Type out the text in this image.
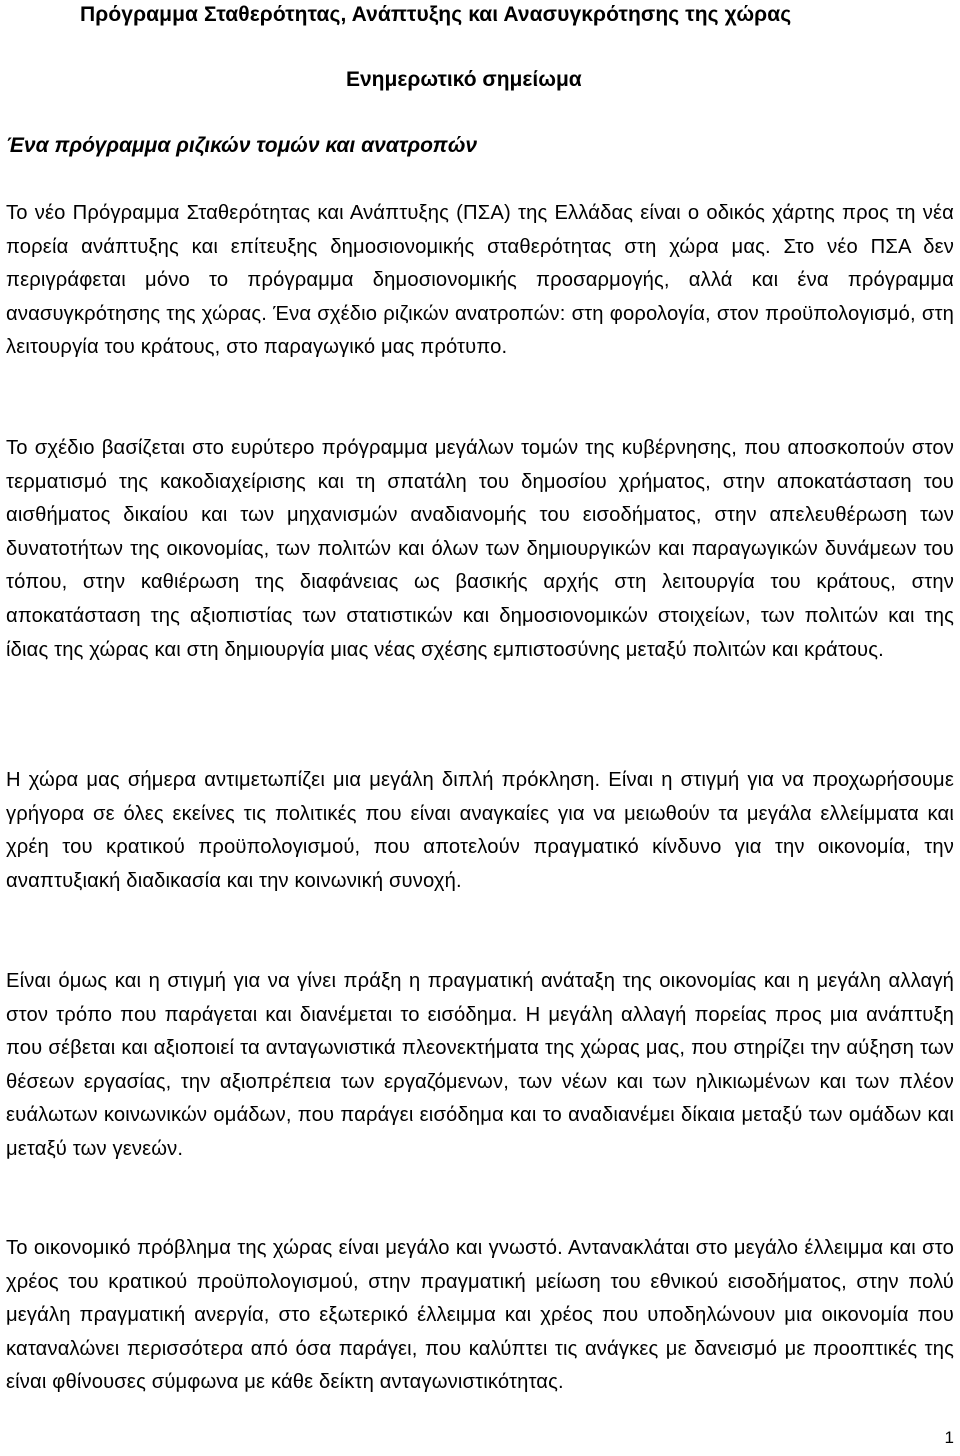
Πρόγραμμα Σταθερότητας, Ανάπτυξης και Ανασυγκρότησης της χώρας
Ενημερωτικό σημείωμα
Ένα πρόγραμμα ριζικών τομών και ανατροπών

Το νέο Πρόγραμμα Σταθερότητας και Ανάπτυξης (ΠΣΑ) της Ελλάδας είναι ο οδικός χάρτης προς τη νέα πορεία ανάπτυξης και επίτευξης δημοσιονομικής σταθερότητας στη χώρα μας. Στο νέο ΠΣΑ δεν περιγράφεται μόνο το πρόγραμμα δημοσιονομικής προσαρμογής, αλλά και ένα πρόγραμμα ανασυγκρότησης της χώρας. Ένα σχέδιο ριζικών ανατροπών: στη φορολογία, στον προϋπολογισμό, στη λειτουργία του κράτους, στο παραγωγικό μας πρότυπο.

Το σχέδιο βασίζεται στο ευρύτερο πρόγραμμα μεγάλων τομών της κυβέρνησης, που αποσκοπούν στον τερματισμό της κακοδιαχείρισης και τη σπατάλη του δημοσίου χρήματος, στην αποκατάσταση του αισθήματος δικαίου και των μηχανισμών αναδιανομής του εισοδήματος, στην απελευθέρωση των δυνατοτήτων της οικονομίας, των πολιτών και όλων των δημιουργικών και παραγωγικών δυνάμεων του τόπου, στην καθιέρωση της διαφάνειας ως βασικής αρχής στη λειτουργία του κράτους, στην αποκατάσταση της αξιοπιστίας των στατιστικών και δημοσιονομικών στοιχείων, των πολιτών και της ίδιας της χώρας και στη δημιουργία μιας νέας σχέσης εμπιστοσύνης μεταξύ πολιτών και κράτους.

Η χώρα μας σήμερα αντιμετωπίζει μια μεγάλη διπλή πρόκληση. Είναι η στιγμή για να προχωρήσουμε γρήγορα σε όλες εκείνες τις πολιτικές που είναι αναγκαίες για να μειωθούν τα μεγάλα ελλείμματα και χρέη του κρατικού προϋπολογισμού, που αποτελούν πραγματικό κίνδυνο για την οικονομία, την αναπτυξιακή διαδικασία και την κοινωνική συνοχή.

Είναι όμως και η στιγμή για να γίνει πράξη η πραγματική ανάταξη της οικονομίας και η μεγάλη αλλαγή στον τρόπο που παράγεται και διανέμεται το εισόδημα. Η μεγάλη αλλαγή πορείας προς μια ανάπτυξη που σέβεται και αξιοποιεί τα ανταγωνιστικά πλεονεκτήματα της χώρας μας, που στηρίζει την αύξηση των θέσεων εργασίας, την αξιοπρέπεια των εργαζόμενων, των νέων και των ηλικιωμένων και των πλέον ευάλωτων κοινωνικών ομάδων, που παράγει εισόδημα και το αναδιανέμει δίκαια μεταξύ των ομάδων και μεταξύ των γενεών.

Το οικονομικό πρόβλημα της χώρας είναι μεγάλο και γνωστό. Αντανακλάται στο μεγάλο έλλειμμα και στο χρέος του κρατικού προϋπολογισμού, στην πραγματική μείωση του εθνικού εισοδήματος, στην πολύ μεγάλη πραγματική ανεργία, στο εξωτερικό έλλειμμα και χρέος που υποδηλώνουν μια οικονομία που καταναλώνει περισσότερα από όσα παράγει, που καλύπτει τις ανάγκες με δανεισμό με προοπτικές της είναι φθίνουσες σύμφωνα με κάθε δείκτη ανταγωνιστικότητας.

1
